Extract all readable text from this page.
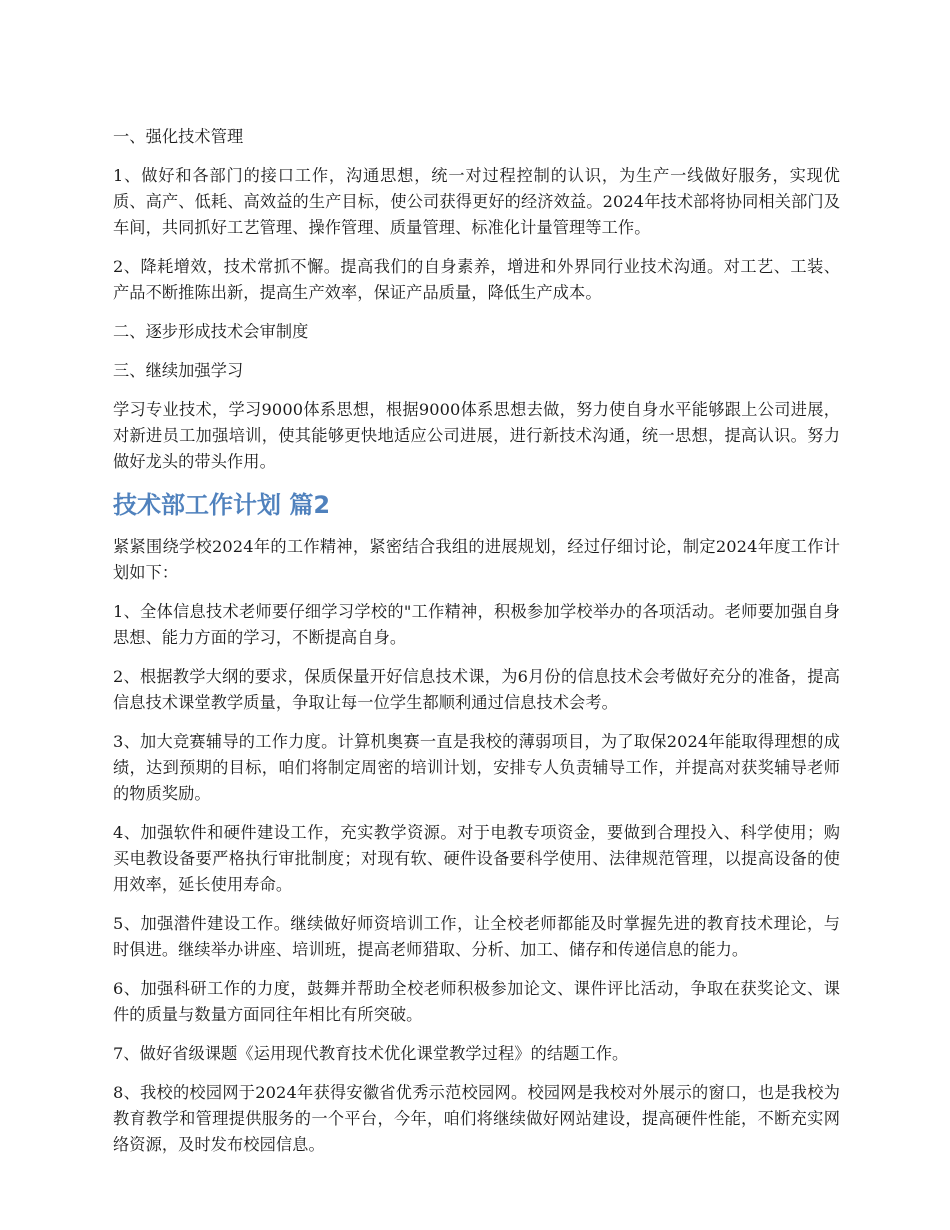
一、强化技术管理

1、做好和各部门的接口工作，沟通思想，统一对过程控制的认识，为生产一线做好服务，实现优质、高产、低耗、高效益的生产目标，使公司获得更好的经济效益。2024年技术部将协同相关部门及车间，共同抓好工艺管理、操作管理、质量管理、标准化计量管理等工作。

2、降耗增效，技术常抓不懈。提高我们的自身素养，增进和外界同行业技术沟通。对工艺、工装、产品不断推陈出新，提高生产效率，保证产品质量，降低生产成本。

二、逐步形成技术会审制度

三、继续加强学习

学习专业技术，学习9000体系思想，根据9000体系思想去做，努力使自身水平能够跟上公司进展，对新进员工加强培训，使其能够更快地适应公司进展，进行新技术沟通，统一思想，提高认识。努力做好龙头的带头作用。

技术部工作计划 篇2

紧紧围绕学校2024年的工作精神，紧密结合我组的进展规划，经过仔细讨论，制定2024年度工作计划如下：

1、全体信息技术老师要仔细学习学校的"工作精神，积极参加学校举办的各项活动。老师要加强自身思想、能力方面的学习，不断提高自身。

2、根据教学大纲的要求，保质保量开好信息技术课，为6月份的信息技术会考做好充分的准备，提高信息技术课堂教学质量，争取让每一位学生都顺利通过信息技术会考。

3、加大竞赛辅导的工作力度。计算机奥赛一直是我校的薄弱项目，为了取保2024年能取得理想的成绩，达到预期的目标，咱们将制定周密的培训计划，安排专人负责辅导工作，并提高对获奖辅导老师的物质奖励。

4、加强软件和硬件建设工作，充实教学资源。对于电教专项资金，要做到合理投入、科学使用；购买电教设备要严格执行审批制度；对现有软、硬件设备要科学使用、法律规范管理，以提高设备的使用效率，延长使用寿命。

5、加强潜件建设工作。继续做好师资培训工作，让全校老师都能及时掌握先进的教育技术理论，与时俱进。继续举办讲座、培训班，提高老师猎取、分析、加工、储存和传递信息的能力。

6、加强科研工作的力度，鼓舞并帮助全校老师积极参加论文、课件评比活动，争取在获奖论文、课件的质量与数量方面同往年相比有所突破。

7、做好省级课题《运用现代教育技术优化课堂教学过程》的结题工作。

8、我校的校园网于2024年获得安徽省优秀示范校园网。校园网是我校对外展示的窗口，也是我校为教育教学和管理提供服务的一个平台，今年，咱们将继续做好网站建设，提高硬件性能，不断充实网络资源，及时发布校园信息。
